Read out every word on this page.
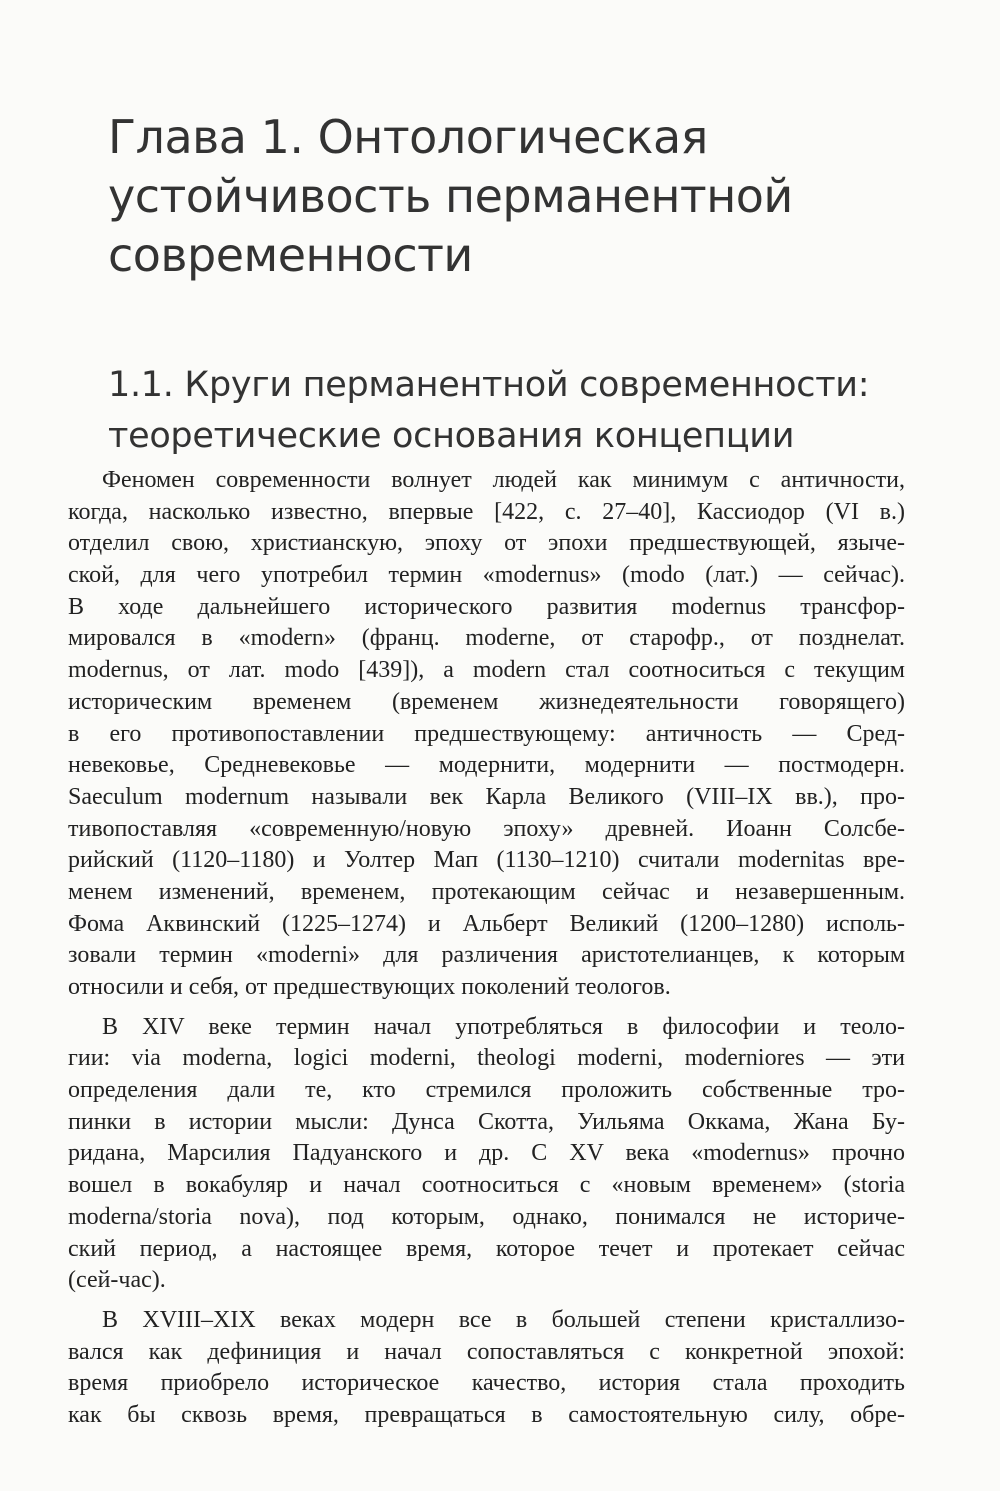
Глава 1. Онтологическая
устойчивость перманентной
современности
1.1. Круги перманентной современности:
теоретические основания концепции
Феномен современности волнует людей как минимум с античности,
когда, насколько известно, впервые [422, с. 27–40], Кассиодор (VI в.)
отделил свою, христианскую, эпоху от эпохи предшествующей, языче-
ской, для чего употребил термин «modernus» (modo (лат.) — сейчас).
В ходе дальнейшего исторического развития modernus трансфор-
мировался в «modern» (франц. moderne, от старофр., от позднелат.
modernus, от лат. modo [439]), а modern стал соотноситься с текущим
историческим временем (временем жизнедеятельности говорящего)
в его противопоставлении предшествующему: античность — Сред-
невековье, Средневековье — модернити, модернити — постмодерн.
Saeculum modernum называли век Карла Великого (VIII–IX вв.), про-
тивопоставляя «современную/новую эпоху» древней. Иоанн Солсбе-
рийский (1120–1180) и Уолтер Мап (1130–1210) считали modernitas вре-
менем изменений, временем, протекающим сейчас и незавершенным.
Фома Аквинский (1225–1274) и Альберт Великий (1200–1280) исполь-
зовали термин «moderni» для различения аристотелианцев, к которым
относили и себя, от предшествующих поколений теологов.
В XIV веке термин начал употребляться в философии и теоло-
гии: via moderna, logici moderni, theologi moderni, moderniores — эти
определения дали те, кто стремился проложить собственные тро-
пинки в истории мысли: Дунса Скотта, Уильяма Оккама, Жана Бу-
ридана, Марсилия Падуанского и др. С XV века «modernus» прочно
вошел в вокабуляр и начал соотноситься с «новым временем» (storia
moderna/storia nova), под которым, однако, понимался не историче-
ский период, а настоящее время, которое течет и протекает сейчас
(сей-час).
В XVIII–XIX веках модерн все в большей степени кристаллизо-
вался как дефиниция и начал сопоставляться с конкретной эпохой:
время приобрело историческое качество, история стала проходить
как бы сквозь время, превращаться в самостоятельную силу, обре-
